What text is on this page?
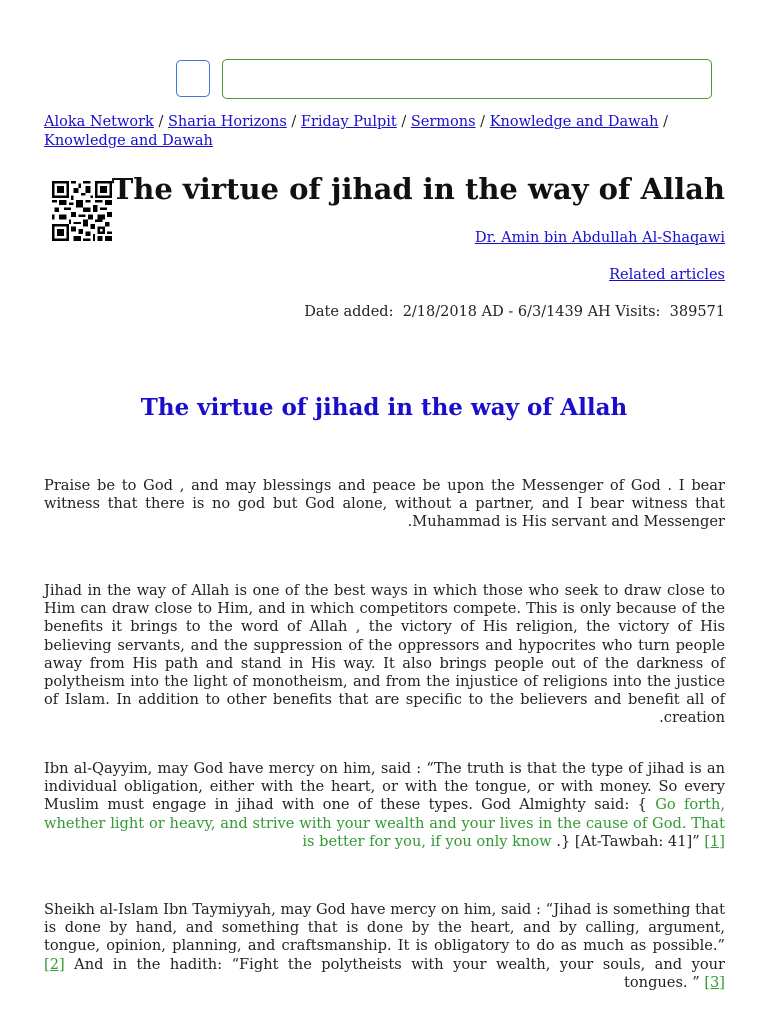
Aloka Network / Sharia Horizons / Friday Pulpit / Sermons / Knowledge and Dawah /
Knowledge and Dawah
The virtue of jihad in the way of Allah
Dr. Amin bin Abdullah Al-Shaqawi
Related articles
Date added: 2/18/2018 AD - 6/3/1439 AH Visits: 389571
The virtue of jihad in the way of Allah

Praise be to God , and may blessings and peace be upon the Messenger of God . I bear witness that there is no god but God alone, without a partner, and I bear witness that Muhammad is His servant and Messenger.

Jihad in the way of Allah is one of the best ways in which those who seek to draw close to Him can draw close to Him, and in which competitors compete. This is only because of the benefits it brings to the word of Allah , the victory of His religion, the victory of His believing servants, and the suppression of the oppressors and hypocrites who turn people away from His path and stand in His way. It also brings people out of the darkness of polytheism into the light of monotheism, and from the injustice of religions into the justice of Islam. In addition to other benefits that are specific to the believers and benefit all of creation.

Ibn al-Qayyim, may God have mercy on him, said : “The truth is that the type of jihad is an individual obligation, either with the heart, or with the tongue, or with money. So every Muslim must engage in jihad with one of these types. God Almighty said: { Go forth, whether light or heavy, and strive with your wealth and your lives in the cause of God. That is better for you, if you only know .} [At-Tawbah: 41]” [1]

Sheikh al-Islam Ibn Taymiyyah, may God have mercy on him, said : “Jihad is something that is done by hand, and something that is done by the heart, and by calling, argument, tongue, opinion, planning, and craftsmanship. It is obligatory to do as much as possible.” [2] And in the hadith: “Fight the polytheists with your wealth, your souls, and your tongues. ” [3]
